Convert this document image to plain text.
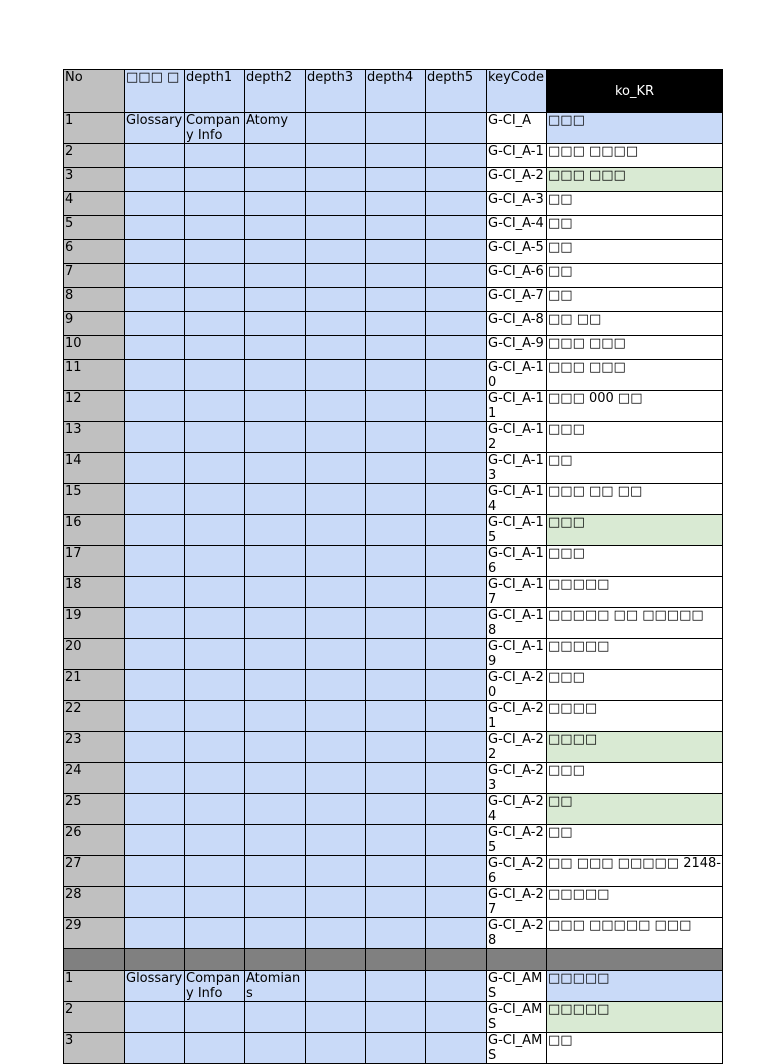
No	□□□ □	depth1	depth2	depth3	depth4	depth5	keyCode	ko_KR
1	Glossary	Company Info	Atomy				G-CI_A	□□□
2							G-CI_A-1	□□□ □□□□
3							G-CI_A-2	□□□ □□□
4							G-CI_A-3	□□
5							G-CI_A-4	□□
6							G-CI_A-5	□□
7							G-CI_A-6	□□
8							G-CI_A-7	□□
9							G-CI_A-8	□□ □□
10							G-CI_A-9	□□□ □□□
11							G-CI_A-10	□□□ □□□
12							G-CI_A-11	□□□ 000 □□
13							G-CI_A-12	□□□
14							G-CI_A-13	□□
15							G-CI_A-14	□□□ □□ □□
16							G-CI_A-15	□□□
17							G-CI_A-16	□□□
18							G-CI_A-17	□□□□□
19							G-CI_A-18	□□□□□ □□ □□□□□
20							G-CI_A-19	□□□□□
21							G-CI_A-20	□□□
22							G-CI_A-21	□□□□
23							G-CI_A-22	□□□□
24							G-CI_A-23	□□□
25							G-CI_A-24	□□
26							G-CI_A-25	□□
27							G-CI_A-26	□□ □□□ □□□□□ 2148-
28							G-CI_A-27	□□□□□
29							G-CI_A-28	□□□ □□□□□ □□□

1	Glossary	Company Info	Atomians				G-CI_AMS	□□□□□
2							G-CI_AMS	□□□□□
3							G-CI_AMS	□□
